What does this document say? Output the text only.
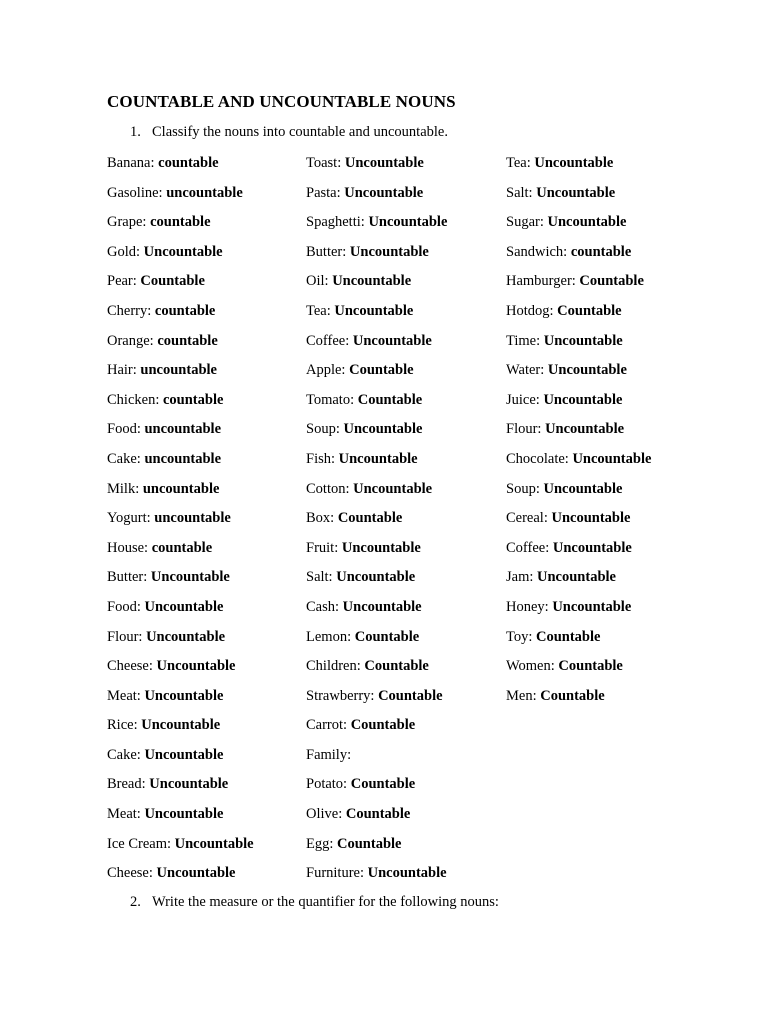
COUNTABLE AND UNCOUNTABLE NOUNS
1. Classify the nouns into countable and uncountable.
Banana: countable
Gasoline: uncountable
Grape: countable
Gold: Uncountable
Pear: Countable
Cherry: countable
Orange: countable
Hair: uncountable
Chicken: countable
Food: uncountable
Cake: uncountable
Milk: uncountable
Yogurt: uncountable
House: countable
Butter: Uncountable
Food: Uncountable
Flour: Uncountable
Cheese: Uncountable
Meat: Uncountable
Rice: Uncountable
Cake: Uncountable
Bread: Uncountable
Meat: Uncountable
Ice Cream: Uncountable
Cheese: Uncountable
Toast: Uncountable
Pasta: Uncountable
Spaghetti: Uncountable
Butter: Uncountable
Oil: Uncountable
Tea: Uncountable
Coffee: Uncountable
Apple: Countable
Tomato: Countable
Soup: Uncountable
Fish: Uncountable
Cotton: Uncountable
Box: Countable
Fruit: Uncountable
Salt: Uncountable
Cash: Uncountable
Lemon: Countable
Children: Countable
Strawberry: Countable
Carrot: Countable
Family:
Potato: Countable
Olive: Countable
Egg: Countable
Furniture: Uncountable
Tea: Uncountable
Salt: Uncountable
Sugar: Uncountable
Sandwich: countable
Hamburger: Countable
Hotdog: Countable
Time: Uncountable
Water: Uncountable
Juice: Uncountable
Flour: Uncountable
Chocolate: Uncountable
Soup: Uncountable
Cereal: Uncountable
Coffee: Uncountable
Jam: Uncountable
Honey: Uncountable
Toy: Countable
Women: Countable
Men: Countable
2. Write the measure or the quantifier for the following nouns:
